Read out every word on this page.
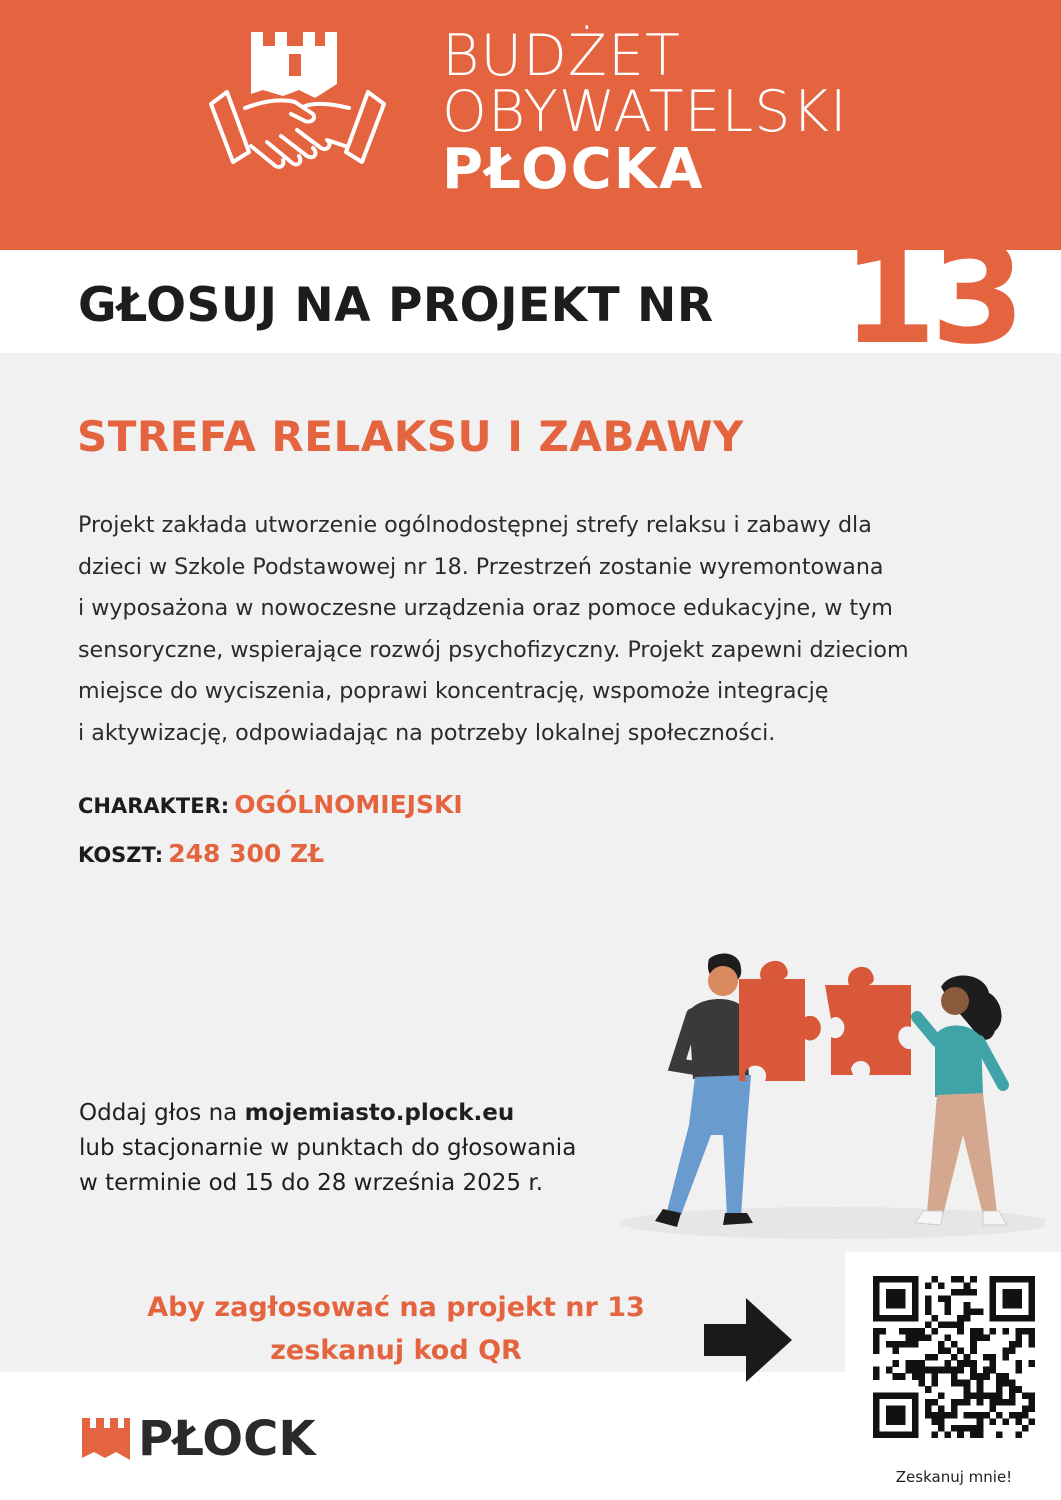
BUDŻET
OBYWATELSKI
PŁOCKA
GŁOSUJ NA PROJEKT NR 13
STREFA RELAKSU I ZABAWY
Projekt zakłada utworzenie ogólnodostępnej strefy relaksu i zabawy dla
dzieci w Szkole Podstawowej nr 18. Przestrzeń zostanie wyremontowana
i wyposażona w nowoczesne urządzenia oraz pomoce edukacyjne, w tym
sensoryczne, wspierające rozwój psychofizyczny. Projekt zapewni dzieciom
miejsce do wyciszenia, poprawi koncentrację, wspomoże integrację
i aktywizację, odpowiadając na potrzeby lokalnej społeczności.
CHARAKTER: OGÓLNOMIEJSKI
KOSZT: 248 300 ZŁ
Oddaj głos na mojemiasto.plock.eu
lub stacjonarnie w punktach do głosowania
w terminie od 15 do 28 września 2025 r.
Aby zagłosować na projekt nr 13
zeskanuj kod QR
Zeskanuj mnie!
PŁOCK
